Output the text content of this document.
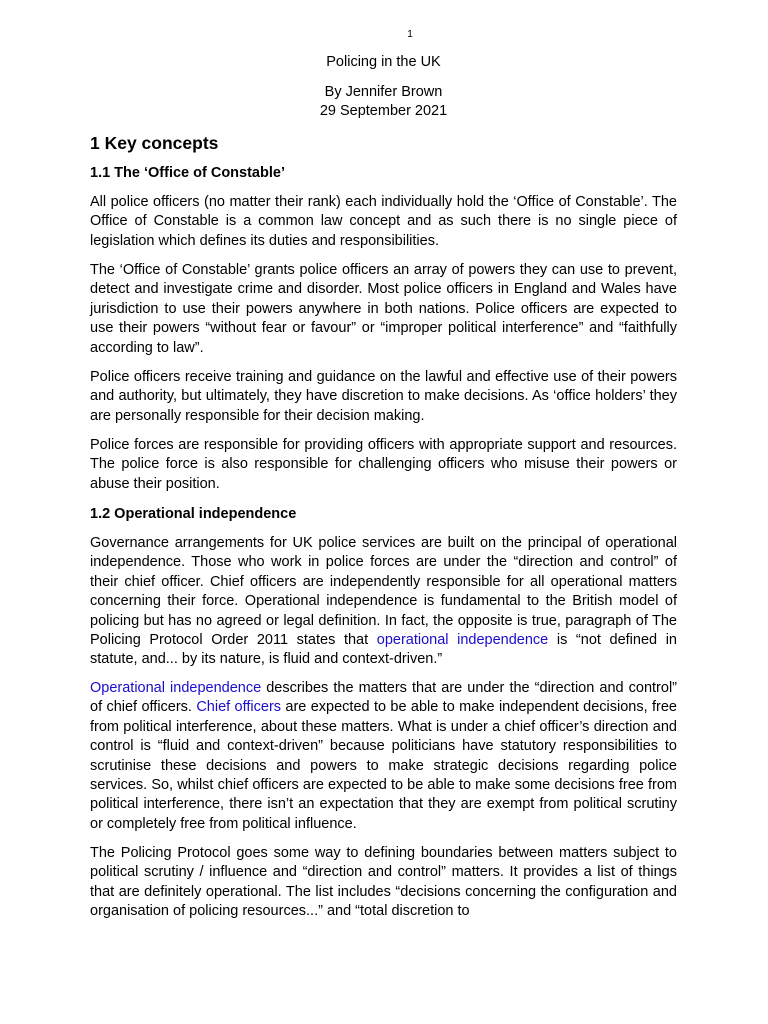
1
Policing in the UK
By Jennifer Brown
29 September 2021
1 Key concepts
1.1 The ‘Office of Constable’

All police officers (no matter their rank) each individually hold the ‘Office of Constable’. The Office of Constable is a common law concept and as such there is no single piece of legislation which defines its duties and responsibilities.

The ‘Office of Constable’ grants police officers an array of powers they can use to prevent, detect and investigate crime and disorder. Most police officers in England and Wales have jurisdiction to use their powers anywhere in both nations. Police officers are expected to use their powers “without fear or favour” or “improper political interference” and “faithfully according to law”.

Police officers receive training and guidance on the lawful and effective use of their powers and authority, but ultimately, they have discretion to make decisions. As ‘office holders’ they are personally responsible for their decision making.

Police forces are responsible for providing officers with appropriate support and resources. The police force is also responsible for challenging officers who misuse their powers or abuse their position.

1.2 Operational independence

Governance arrangements for UK police services are built on the principal of operational independence. Those who work in police forces are under the “direction and control” of their chief officer. Chief officers are independently responsible for all operational matters concerning their force. Operational independence is fundamental to the British model of policing but has no agreed or legal definition. In fact, the opposite is true, paragraph of The Policing Protocol Order 2011 states that operational independence is “not defined in statute, and... by its nature, is fluid and context-driven.”

Operational independence describes the matters that are under the “direction and control” of chief officers. Chief officers are expected to be able to make independent decisions, free from political interference, about these matters. What is under a chief officer’s direction and control is “fluid and context-driven” because politicians have statutory responsibilities to scrutinise these decisions and powers to make strategic decisions regarding police services. So, whilst chief officers are expected to be able to make some decisions free from political interference, there isn’t an expectation that they are exempt from political scrutiny or completely free from political influence.

The Policing Protocol goes some way to defining boundaries between matters subject to political scrutiny / influence and “direction and control” matters. It provides a list of things that are definitely operational. The list includes “decisions concerning the configuration and organisation of policing resources...” and “total discretion to
